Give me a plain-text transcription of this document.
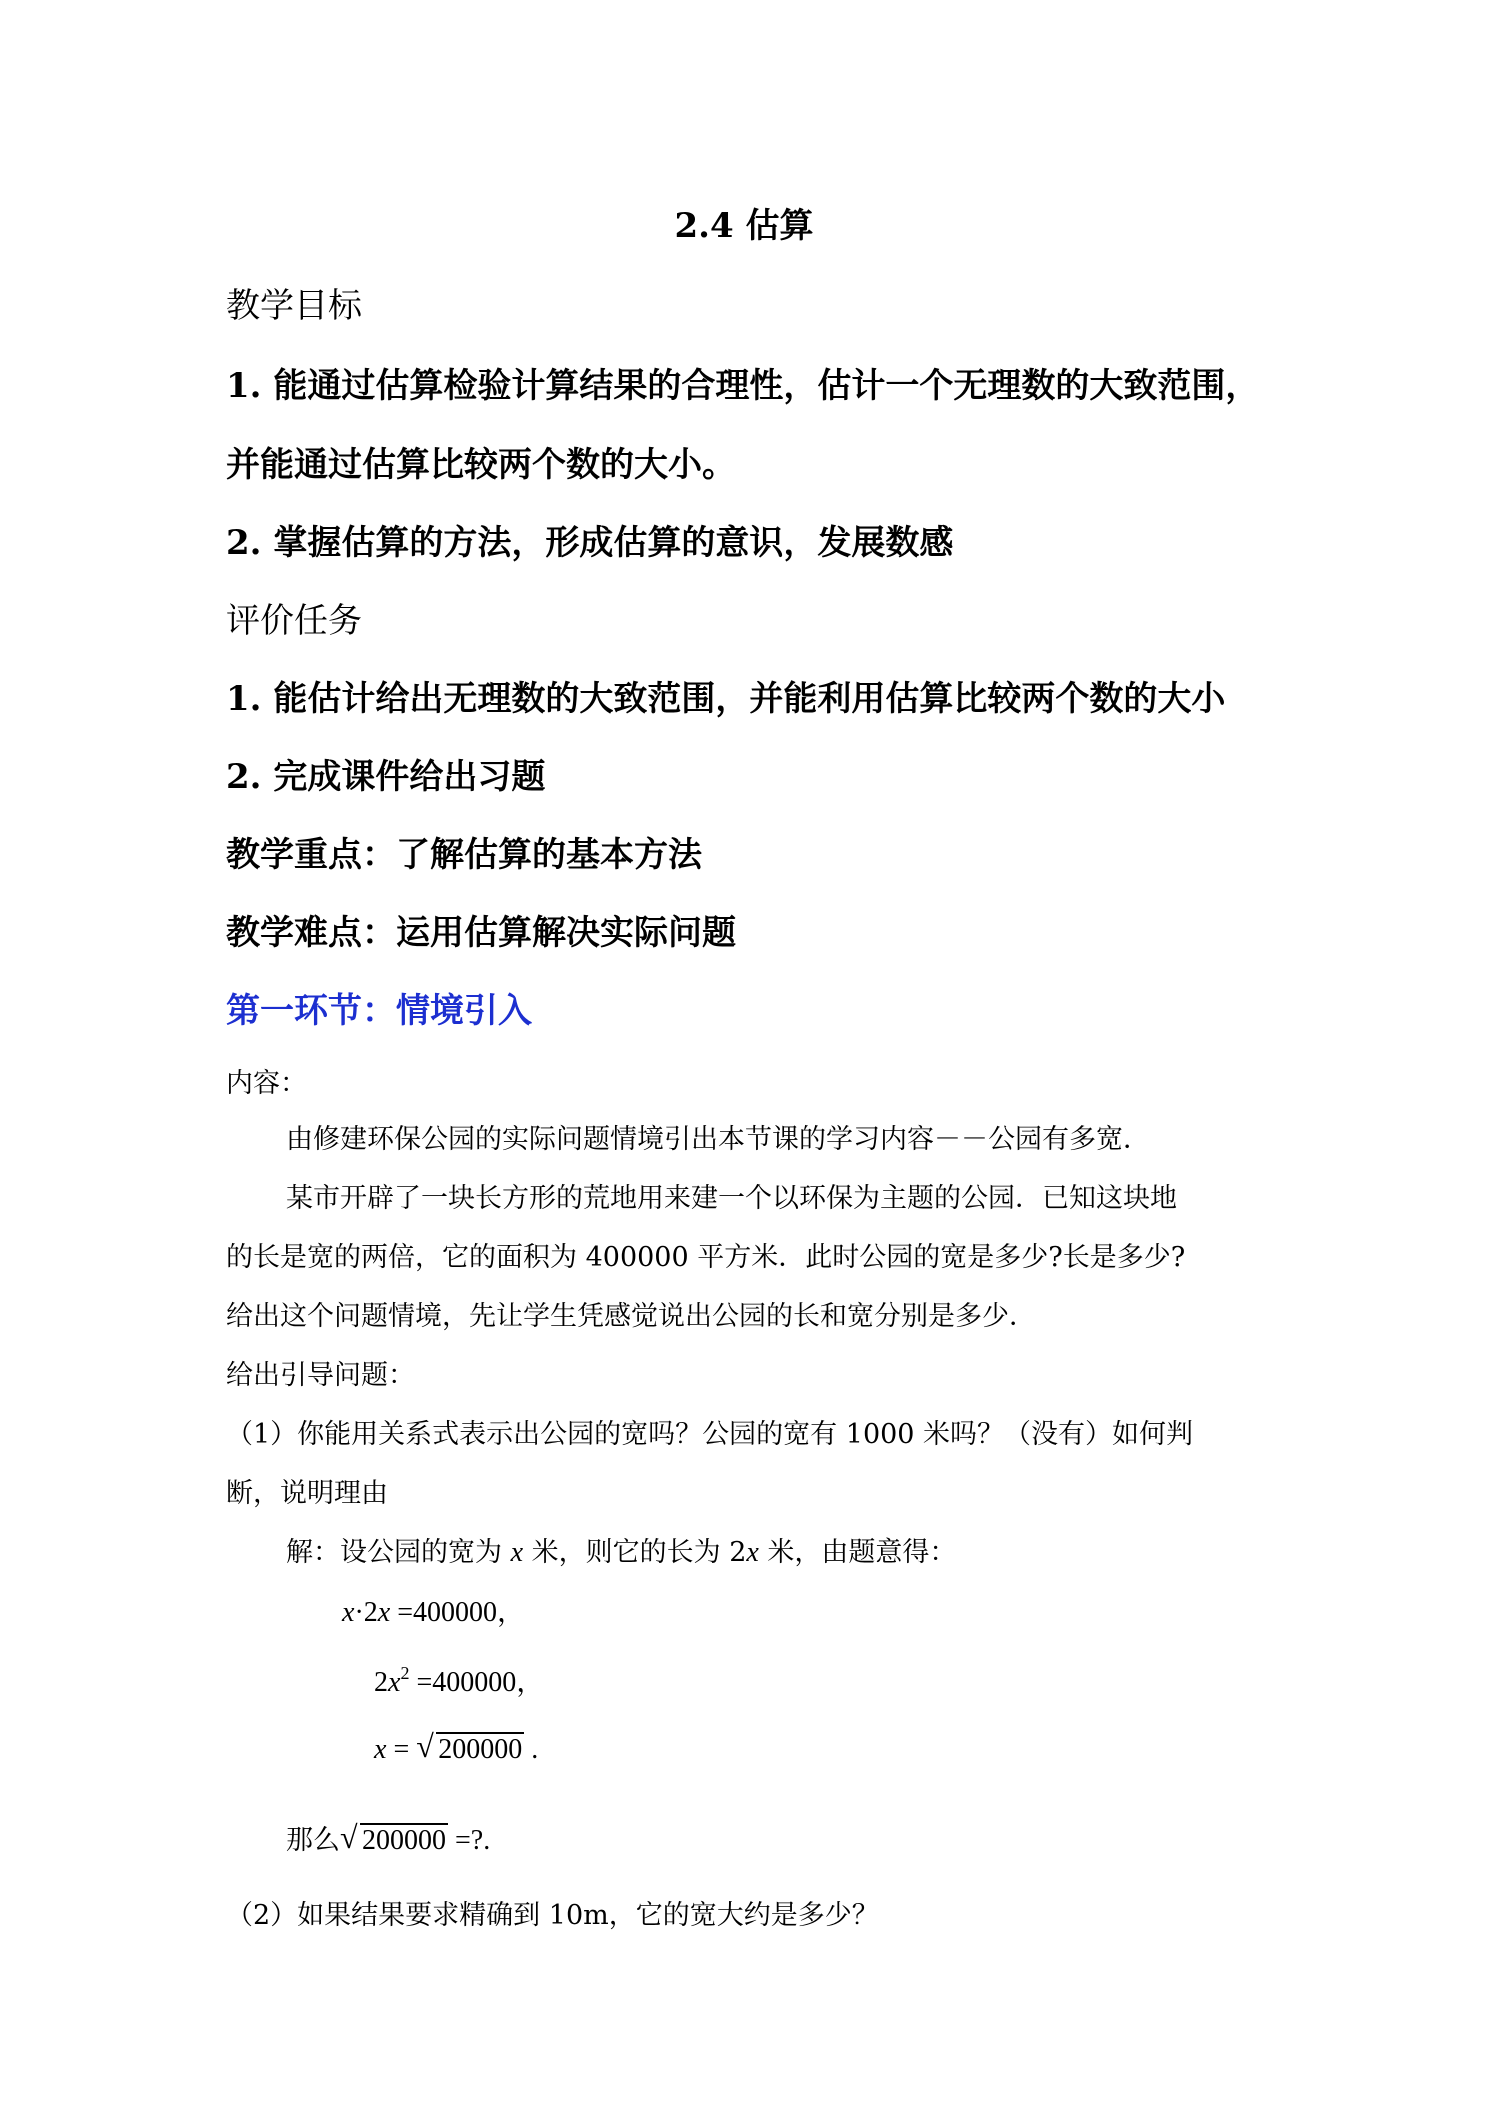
2.4 估算
教学目标
1. 能通过估算检验计算结果的合理性，估计一个无理数的大致范围，
并能通过估算比较两个数的大小。
2. 掌握估算的方法，形成估算的意识，发展数感
评价任务
1. 能估计给出无理数的大致范围，并能利用估算比较两个数的大小
2. 完成课件给出习题
教学重点：了解估算的基本方法
教学难点：运用估算解决实际问题
第一环节：情境引入
内容：
由修建环保公园的实际问题情境引出本节课的学习内容－－公园有多宽．
某市开辟了一块长方形的荒地用来建一个以环保为主题的公园．已知这块地
的长是宽的两倍，它的面积为 400000 平方米．此时公园的宽是多少?长是多少?
给出这个问题情境，先让学生凭感觉说出公园的长和宽分别是多少．
给出引导问题：
（1）你能用关系式表示出公园的宽吗？公园的宽有 1000 米吗？（没有）如何判
断，说明理由
解：设公园的宽为 x 米，则它的长为 2x 米，由题意得：
x·2x =400000，
$2x^2 =400000$，
x = √ 200000 .
那么 √ 200000 =?.
（2）如果结果要求精确到 10m，它的宽大约是多少？
